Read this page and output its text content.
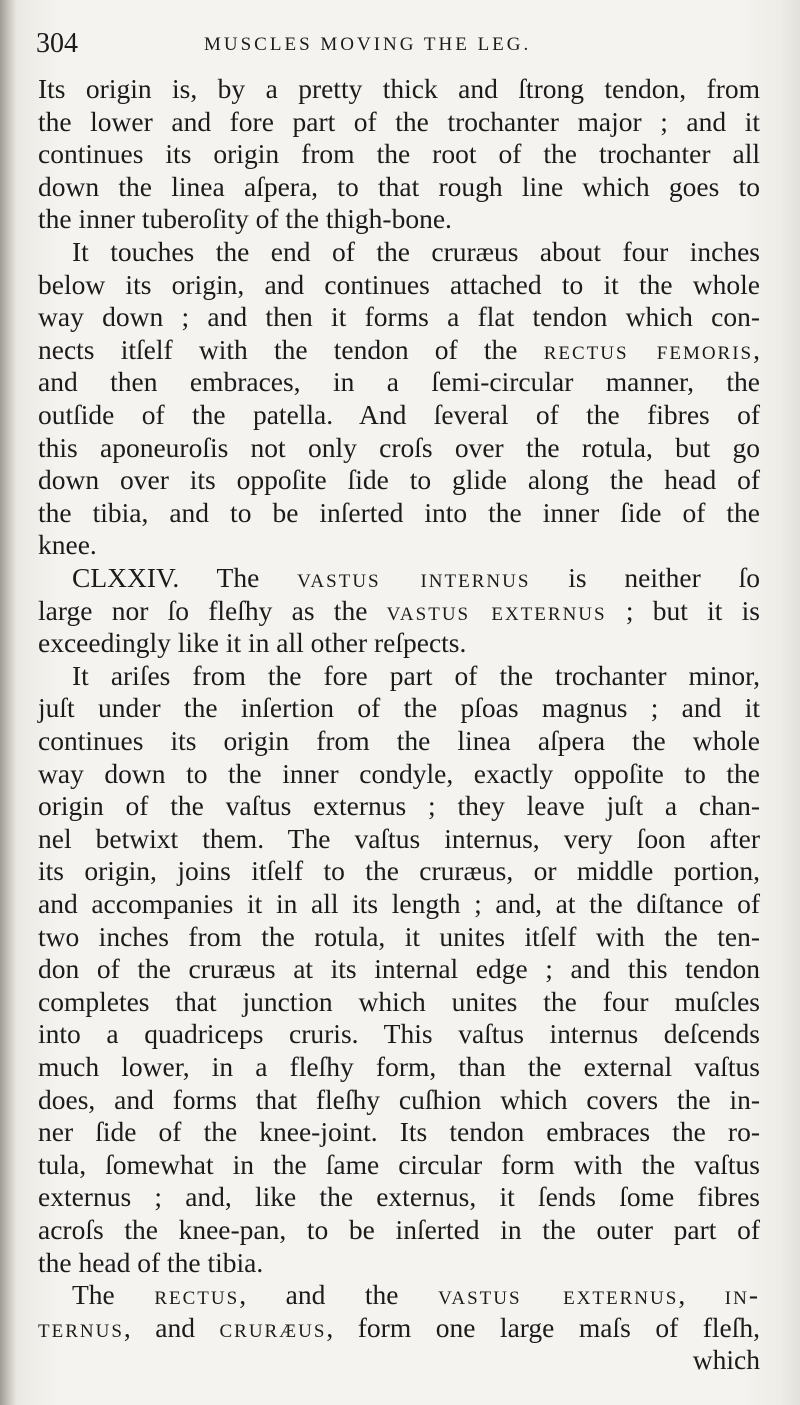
304	MUSCLES MOVING THE LEG.
Its origin is, by a pretty thick and ſtrong tendon, from
the lower and fore part of the trochanter major ; and it
continues its origin from the root of the trochanter all
down the linea aſpera, to that rough line which goes to
the inner tuberoſity of the thigh-bone.
It touches the end of the cruræus about four inches
below its origin, and continues attached to it the whole
way down ; and then it forms a flat tendon which con-
nects itſelf with the tendon of the rectus femoris,
and then embraces, in a ſemi-circular manner, the
outſide of the patella. And ſeveral of the fibres of
this aponeuroſis not only croſs over the rotula, but go
down over its oppoſite ſide to glide along the head of
the tibia, and to be inſerted into the inner ſide of the
knee.
CLXXIV. The vastus internus is neither ſo
large nor ſo fleſhy as the vastus externus ; but it is
exceedingly like it in all other reſpects.
It ariſes from the fore part of the trochanter minor,
juſt under the inſertion of the pſoas magnus ; and it
continues its origin from the linea aſpera the whole
way down to the inner condyle, exactly oppoſite to the
origin of the vaſtus externus ; they leave juſt a chan-
nel betwixt them. The vaſtus internus, very ſoon after
its origin, joins itſelf to the cruræus, or middle portion,
and accompanies it in all its length ; and, at the diſtance of
two inches from the rotula, it unites itſelf with the ten-
don of the cruræus at its internal edge ; and this tendon
completes that junction which unites the four muſcles
into a quadriceps cruris. This vaſtus internus deſcends
much lower, in a fleſhy form, than the external vaſtus
does, and forms that fleſhy cuſhion which covers the in-
ner ſide of the knee-joint. Its tendon embraces the ro-
tula, ſomewhat in the ſame circular form with the vaſtus
externus ; and, like the externus, it ſends ſome fibres
acroſs the knee-pan, to be inſerted in the outer part of
the head of the tibia.
The rectus, and the vastus externus, in-
ternus, and cruræus, form one large maſs of fleſh,
which
